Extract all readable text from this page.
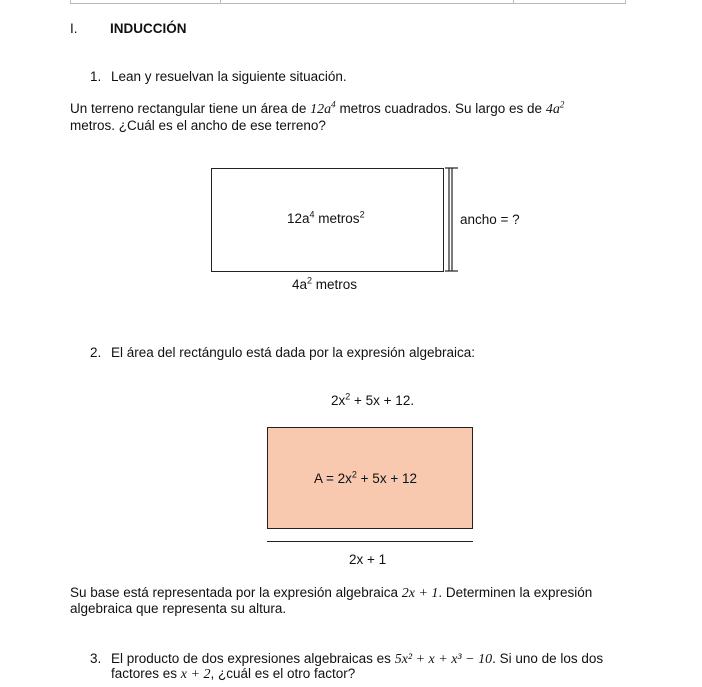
I. INDUCCIÓN
1. Lean y resuelvan la siguiente situación.
Un terreno rectangular tiene un área de $12a^4$ metros cuadrados. Su largo es de $4a^2$
metros. ¿Cuál es el ancho de ese terreno?
$12a^4$ metros$^2$	ancho = ?
$4a^2$ metros
2. El área del rectángulo está dada por la expresión algebraica:
$2x^2 + 5x + 12$.
$A = 2x^2 + 5x + 12$
2x + 1
Su base está representada por la expresión algebraica 2x + 1. Determinen la expresión
algebraica que representa su altura.
3. El producto de dos expresiones algebraicas es 5x² + x + x³ − 10. Si uno de los dos
factores es x + 2, ¿cuál es el otro factor?
